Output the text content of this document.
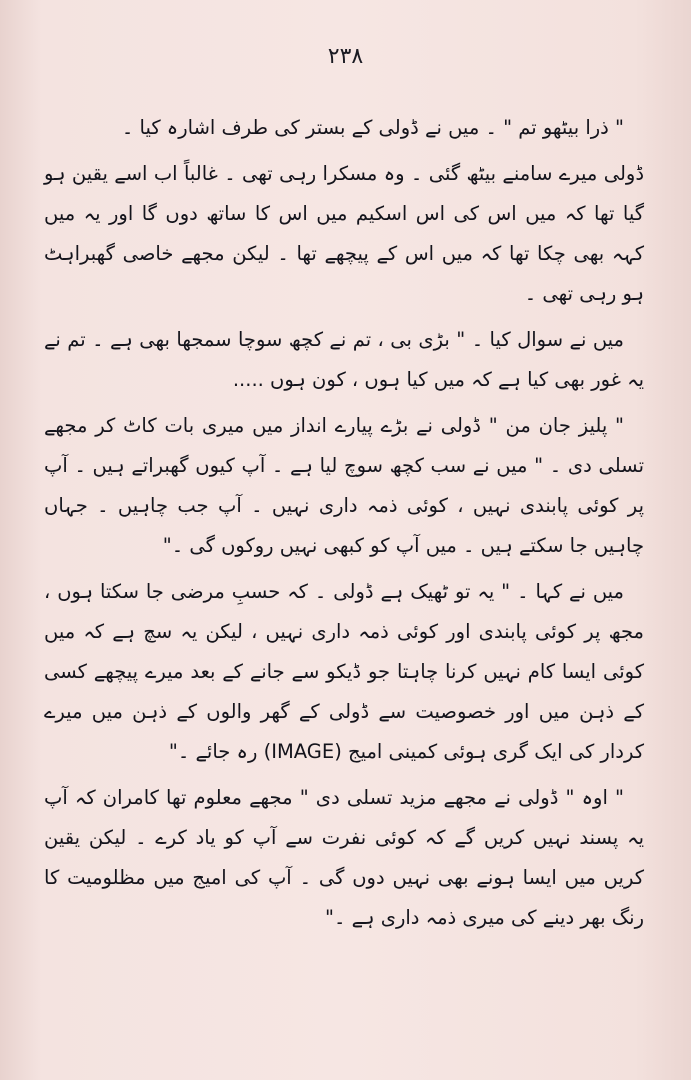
۲۳۸

" ذرا بیٹھو تم " ۔ میں نے ڈولی کے بستر کی طرف اشارہ کیا ۔

ڈولی میرے سامنے بیٹھ گئی ۔ وہ مسکرا رہی تھی ۔ غالباً اب اسے یقین ہو گیا تھا کہ میں اس کی اس اسکیم میں اس کا ساتھ دوں گا اور یہ میں کہہ بھی چکا تھا کہ میں اس کے پیچھے تھا ۔ لیکن مجھے خاصی گھبراہٹ ہو رہی تھی ۔

میں نے سوال کیا ۔ " بڑی بی ، تم نے کچھ سوچا سمجھا بھی ہے ۔ تم نے یہ غور بھی کیا ہے کہ میں کیا ہوں ، کون ہوں .....

" پلیز جان من " ڈولی نے بڑے پیارے انداز میں میری بات کاٹ کر مجھے تسلی دی ۔ " میں نے سب کچھ سوچ لیا ہے ۔ آپ کیوں گھبراتے ہیں ۔ آپ پر کوئی پابندی نہیں ، کوئی ذمہ داری نہیں ۔ آپ جب چاہیں ۔ جہاں چاہیں جا سکتے ہیں ۔ میں آپ کو کبھی نہیں روکوں گی ۔"

میں نے کہا ۔ " یہ تو ٹھیک ہے ڈولی ۔ کہ حسبِ مرضی جا سکتا ہوں ، مجھ پر کوئی پابندی اور کوئی ذمہ داری نہیں ، لیکن یہ سچ ہے کہ میں کوئی ایسا کام نہیں کرنا چاہتا جو ڈیکو سے جانے کے بعد میرے پیچھے کسی کے ذہن میں اور خصوصیت سے ڈولی کے گھر والوں کے ذہن میں میرے کردار کی ایک گری ہوئی کمینی امیج (IMAGE) رہ جائے ۔"

" اوہ " ڈولی نے مجھے مزید تسلی دی " مجھے معلوم تھا کامران کہ آپ یہ پسند نہیں کریں گے کہ کوئی نفرت سے آپ کو یاد کرے ۔ لیکن یقین کریں میں ایسا ہونے بھی نہیں دوں گی ۔ آپ کی امیج میں مظلومیت کا رنگ بھر دینے کی میری ذمہ داری ہے ۔"
